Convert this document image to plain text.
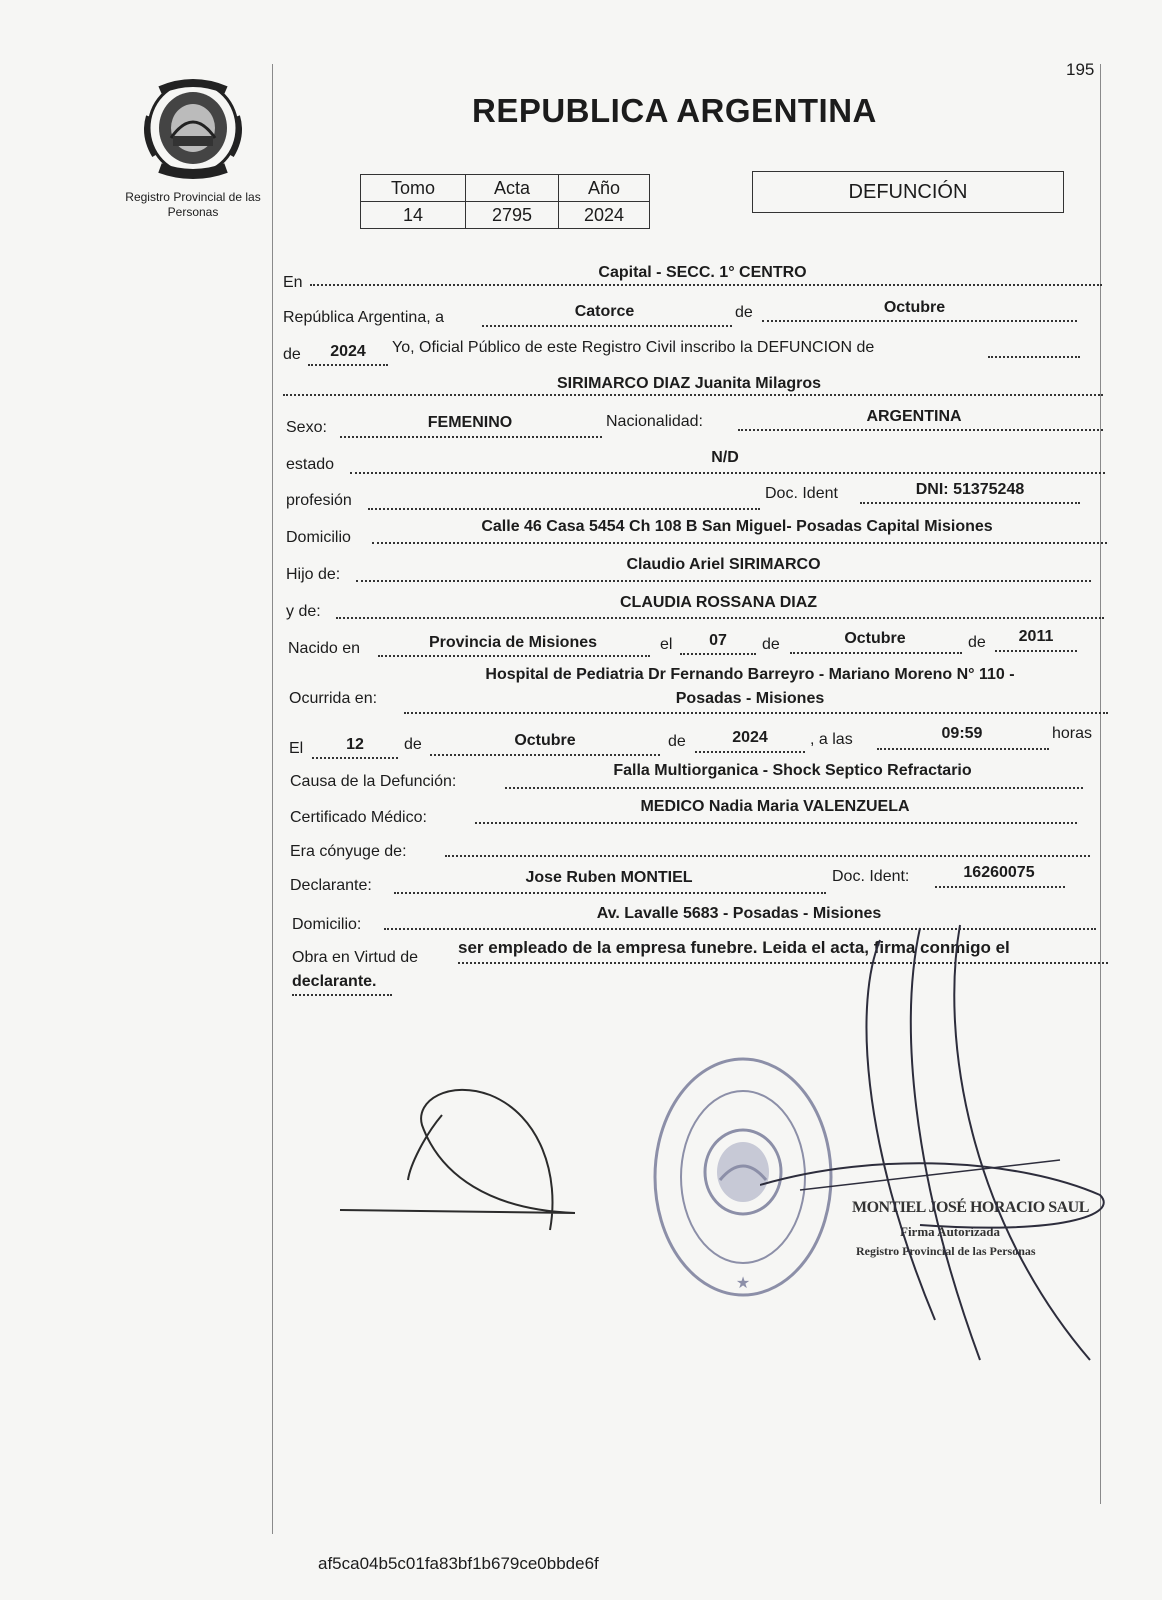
195
Registro Provincial de las Personas
REPUBLICA ARGENTINA
Tomo	Acta	Año
14	2795	2024
DEFUNCIÓN
En
Capital - SECC. 1° CENTRO
República Argentina, a	Catorce	de	Octubre
de	2024	Yo, Oficial Público de este Registro Civil inscribo la DEFUNCION de
SIRIMARCO DIAZ Juanita Milagros
Sexo:	FEMENINO	Nacionalidad:	ARGENTINA
estado	N/D
profesión	Doc. Ident	DNI: 51375248
Domicilio
Calle 46 Casa 5454 Ch 108 B San Miguel- Posadas Capital Misiones
Hijo de:
Claudio Ariel SIRIMARCO
y de:
CLAUDIA ROSSANA DIAZ
Nacido en	Provincia de Misiones	el	07	de	Octubre	de	2011
Ocurrida en:
Hospital de Pediatria Dr Fernando Barreyro - Mariano Moreno N° 110 -
Posadas - Misiones
El	12	de	Octubre	de	2024	, a las	09:59	horas
Causa de la Defunción:
Falla Multiorganica - Shock Septico Refractario
Certificado Médico:
MEDICO Nadia Maria VALENZUELA
Era cónyuge de:
Declarante:	Jose Ruben MONTIEL	Doc. Ident:	16260075
Domicilio:
Av. Lavalle 5683 - Posadas - Misiones
Obra en Virtud de
ser empleado de la empresa funebre. Leida el acta, firma conmigo el
declarante.
★
MONTIEL JOSÉ HORACIO SAUL
Firma Autorizada
Registro Provincial de las Personas
af5ca04b5c01fa83bf1b679ce0bbde6f
